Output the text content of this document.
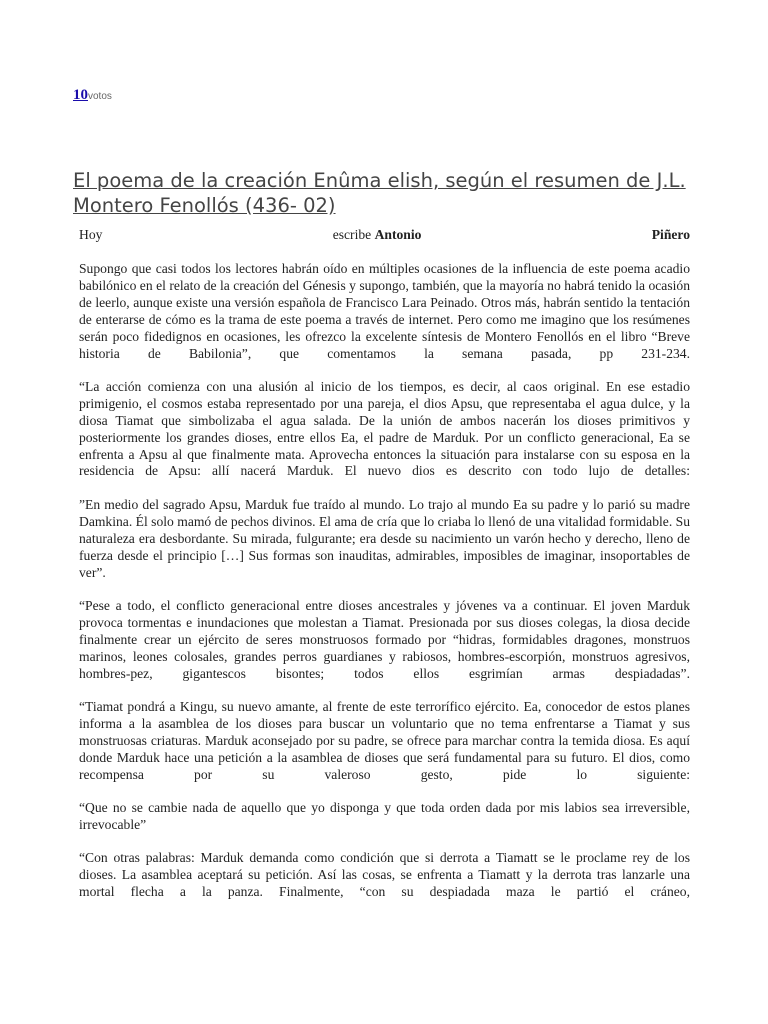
10votos
El poema de la creación Enûma elish, según el resumen de J.L. Montero Fenollós (436- 02)
Hoy	escribe Antonio	Piñero

Supongo que casi todos los lectores habrán oído en múltiples ocasiones de la influencia de este poema acadio babilónico en el relato de la creación del Génesis y supongo, también, que la mayoría no habrá tenido la ocasión de leerlo, aunque existe una versión española de Francisco Lara Peinado. Otros más, habrán sentido la tentación de enterarse de cómo es la trama de este poema a través de internet. Pero como me imagino que los resúmenes serán poco fidedignos en ocasiones, les ofrezco la excelente síntesis de Montero Fenollós en el libro “Breve historia de Babilonia”, que comentamos la semana pasada, pp 231-234.

“La acción comienza con una alusión al inicio de los tiempos, es decir, al caos original. En ese estadio primigenio, el cosmos estaba representado por una pareja, el dios Apsu, que representaba el agua dulce, y la diosa Tiamat que simbolizaba el agua salada. De la unión de ambos nacerán los dioses primitivos y posteriormente los grandes dioses, entre ellos Ea, el padre de Marduk. Por un conflicto generacional, Ea se enfrenta a Apsu al que finalmente mata. Aprovecha entonces la situación para instalarse con su esposa en la residencia de Apsu: allí nacerá Marduk. El nuevo dios es descrito con todo lujo de detalles:

”En medio del sagrado Apsu, Marduk fue traído al mundo. Lo trajo al mundo Ea su padre y lo parió su madre Damkina. Él solo mamó de pechos divinos. El ama de cría que lo criaba lo llenó de una vitalidad formidable. Su naturaleza era desbordante. Su mirada, fulgurante; era desde su nacimiento un varón hecho y derecho, lleno de fuerza desde el principio […] Sus formas son inauditas, admirables, imposibles de imaginar, insoportables de ver”.

“Pese a todo, el conflicto generacional entre dioses ancestrales y jóvenes va a continuar. El joven Marduk provoca tormentas e inundaciones que molestan a Tiamat. Presionada por sus dioses colegas, la diosa decide finalmente crear un ejército de seres monstruosos formado por “hidras, formidables dragones, monstruos marinos, leones colosales, grandes perros guardianes y rabiosos, hombres-escorpión, monstruos agresivos, hombres-pez, gigantescos bisontes; todos ellos esgrimían armas despiadadas”.

“Tiamat pondrá a Kingu, su nuevo amante, al frente de este terrorífico ejército. Ea, conocedor de estos planes informa a la asamblea de los dioses para buscar un voluntario que no tema enfrentarse a Tiamat y sus monstruosas criaturas. Marduk aconsejado por su padre, se ofrece para marchar contra la temida diosa. Es aquí donde Marduk hace una petición a la asamblea de dioses que será fundamental para su futuro. El dios, como recompensa por su valeroso gesto, pide lo siguiente:

“Que no se cambie nada de aquello que yo disponga y que toda orden dada por mis labios sea irreversible, irrevocable”

“Con otras palabras: Marduk demanda como condición que si derrota a Tiamatt se le proclame rey de los dioses. La asamblea aceptará su petición. Así las cosas, se enfrenta a Tiamatt y la derrota tras lanzarle una mortal flecha a la panza. Finalmente, “con su despiadada maza le partió el cráneo,
